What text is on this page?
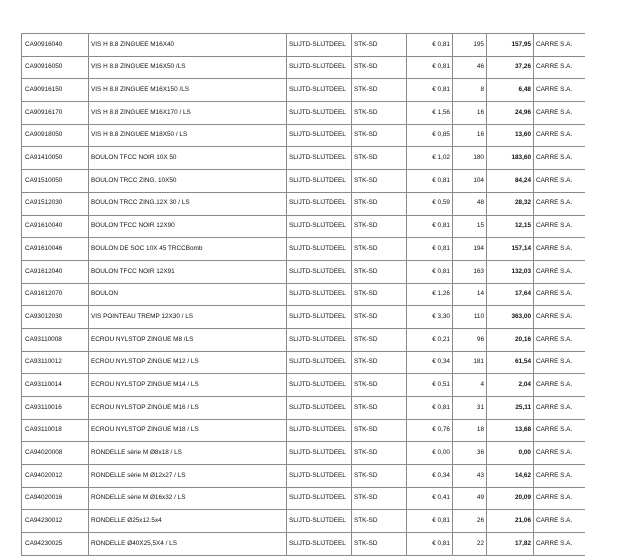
CA90916040	VIS H 8.8 ZINGUEE M16X40	SLIJTD-SLIJTDEEL	STK-SD	€ 0,81	195	157,95	CARRE S.A.
CA90916050	VIS H 8.8 ZINGUEE M16X50 /LS	SLIJTD-SLIJTDEEL	STK-SD	€ 0,81	46	37,26	CARRE S.A.
CA90916150	VIS H 8.8 ZINGUEE M16X150 /LS	SLIJTD-SLIJTDEEL	STK-SD	€ 0,81	8	6,48	CARRE S.A.
CA90916170	VIS H 8.8 ZINGUEE M16X170 / LS	SLIJTD-SLIJTDEEL	STK-SD	€ 1,56	16	24,96	CARRE S.A.
CA90918050	VIS H 8.8 ZINGUEE M18X50 / LS	SLIJTD-SLIJTDEEL	STK-SD	€ 0,85	16	13,60	CARRE S.A.
CA91410050	BOULON TFCC NOIR 10X 50	SLIJTD-SLIJTDEEL	STK-SD	€ 1,02	180	183,60	CARRE S.A.
CA91510050	BOULON TRCC ZING. 10X50	SLIJTD-SLIJTDEEL	STK-SD	€ 0,81	104	84,24	CARRE S.A.
CA91512030	BOULON TRCC ZING.12X 30 / LS	SLIJTD-SLIJTDEEL	STK-SD	€ 0,59	48	28,32	CARRE S.A.
CA91610040	BOULON TFCC NOIR 12X90	SLIJTD-SLIJTDEEL	STK-SD	€ 0,81	15	12,15	CARRE S.A.
CA91610046	BOULON DE SOC 10X 45 TRCCBomb	SLIJTD-SLIJTDEEL	STK-SD	€ 0,81	194	157,14	CARRE S.A.
CA91612040	BOULON TFCC NOIR 12X91	SLIJTD-SLIJTDEEL	STK-SD	€ 0,81	163	132,03	CARRE S.A.
CA91612070	BOULON	SLIJTD-SLIJTDEEL	STK-SD	€ 1,26	14	17,64	CARRE S.A.
CA93012030	VIS POINTEAU TREMP 12X30 / LS	SLIJTD-SLIJTDEEL	STK-SD	€ 3,30	110	363,00	CARRE S.A.
CA93110008	ECROU NYLSTOP ZINGUE M8 /LS	SLIJTD-SLIJTDEEL	STK-SD	€ 0,21	96	20,16	CARRE S.A.
CA93110012	ECROU NYLSTOP ZINGUE M12 / LS	SLIJTD-SLIJTDEEL	STK-SD	€ 0,34	181	61,54	CARRE S.A.
CA93110014	ECROU NYLSTOP ZINGUE M14 / LS	SLIJTD-SLIJTDEEL	STK-SD	€ 0,51	4	2,04	CARRE S.A.
CA93110016	ECROU NYLSTOP ZINGUE M16 / LS	SLIJTD-SLIJTDEEL	STK-SD	€ 0,81	31	25,11	CARRE S.A.
CA93110018	ECROU NYLSTOP ZINGUE M18 / LS	SLIJTD-SLIJTDEEL	STK-SD	€ 0,76	18	13,68	CARRE S.A.
CA94020008	RONDELLE série M Ø8x18 / LS	SLIJTD-SLIJTDEEL	STK-SD	€ 0,00	36	0,00	CARRE S.A.
CA94020012	RONDELLE série M Ø12x27 / LS	SLIJTD-SLIJTDEEL	STK-SD	€ 0,34	43	14,62	CARRE S.A.
CA94020016	RONDELLE série M Ø16x32 / LS	SLIJTD-SLIJTDEEL	STK-SD	€ 0,41	49	20,09	CARRE S.A.
CA94230012	RONDELLE Ø25x12.5x4	SLIJTD-SLIJTDEEL	STK-SD	€ 0,81	26	21,06	CARRE S.A.
CA94230025	RONDELLE Ø40X25,5X4 / LS	SLIJTD-SLIJTDEEL	STK-SD	€ 0,81	22	17,82	CARRE S.A.
